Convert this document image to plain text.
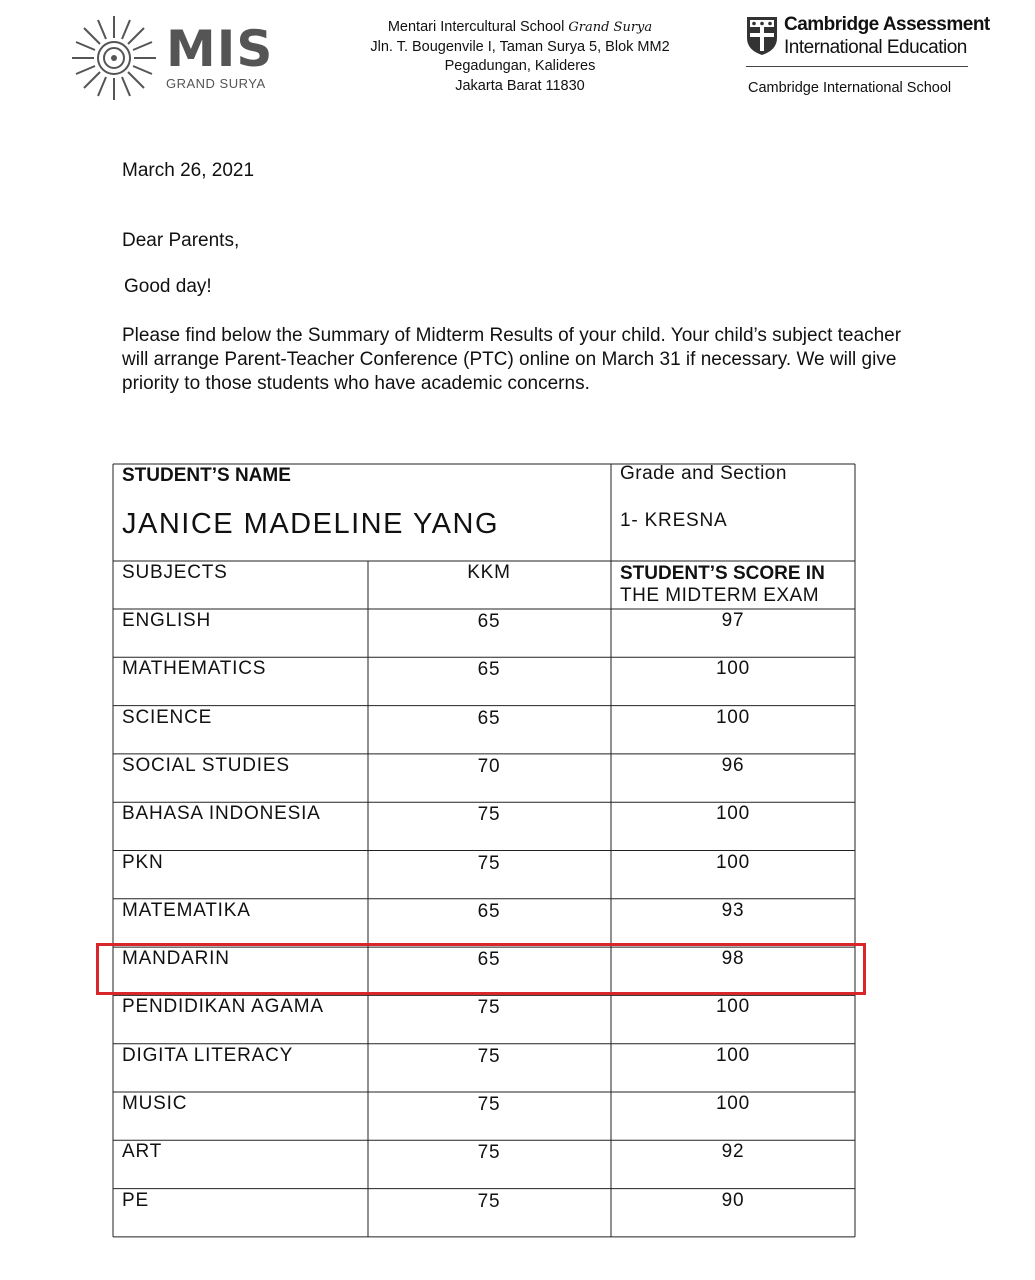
MIS
GRAND SURYA
Mentari Intercultural School Grand Surya
Jln. T. Bougenvile I, Taman Surya 5, Blok MM2
Pegadungan, Kalideres
Jakarta Barat 11830
Cambridge Assessment
International Education
Cambridge International School
March 26, 2021
Dear Parents,
Good day!
Please find below the Summary of Midterm Results of your child. Your child’s subject teacher
will arrange Parent-Teacher Conference (PTC) online on March 31 if necessary. We will give
priority to those students who have academic concerns.
STUDENT’S NAME
JANICE MADELINE YANG
Grade and Section
1- KRESNA
SUBJECTS	KKM	STUDENT’S SCORE IN
THE MIDTERM EXAM
ENGLISH	65	97
MATHEMATICS	65	100
SCIENCE	65	100
SOCIAL STUDIES	70	96
BAHASA INDONESIA	75	100
PKN	75	100
MATEMATIKA	65	93
MANDARIN	65	98
PENDIDIKAN AGAMA	75	100
DIGITA LITERACY	75	100
MUSIC	75	100
ART	75	92
PE	75	90
